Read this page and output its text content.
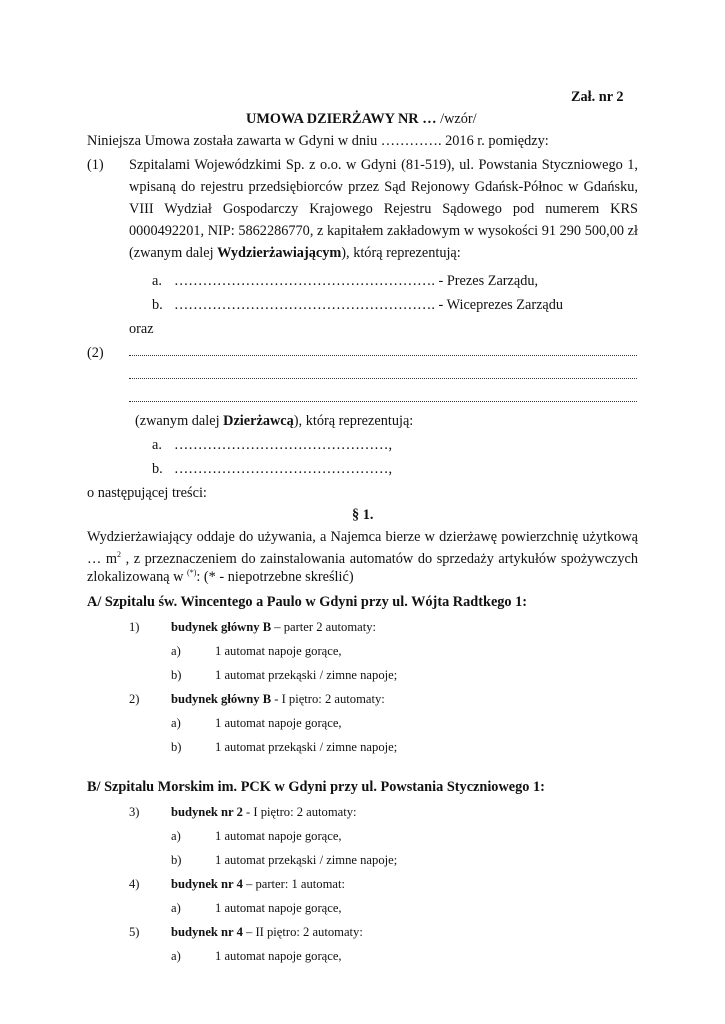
Zał. nr 2
UMOWA DZIERŻAWY NR … /wzór/
Niniejsza Umowa została zawarta w Gdyni w dniu …………. 2016 r. pomiędzy:
(1) Szpitalami Wojewódzkimi Sp. z o.o. w Gdyni (81-519), ul. Powstania Styczniowego 1,
wpisaną do rejestru przedsiębiorców przez Sąd Rejonowy Gdańsk-Północ w Gdańsku,
VIII Wydział Gospodarczy Krajowego Rejestru Sądowego pod numerem KRS
0000492201, NIP: 5862286770, z kapitałem zakładowym w wysokości 91 290 500,00 zł
(zwanym dalej Wydzierżawiającym), którą reprezentują:
a. ………………………………………………. - Prezes Zarządu,
b. ………………………………………………. - Wiceprezes Zarządu
oraz
(2)
(zwanym dalej Dzierżawcą), którą reprezentują:
a. ………………………………………,
b. ………………………………………,
o następującej treści:
§ 1.
Wydzierżawiający oddaje do używania, a Najemca bierze w dzierżawę powierzchnię użytkową
… $m^2$ , z przeznaczeniem do zainstalowania automatów do sprzedaży artykułów spożywczych
zlokalizowaną w (*): (* - niepotrzebne skreślić)
A/ Szpitalu św. Wincentego a Paulo w Gdyni przy ul. Wójta Radtkego 1:
1)	budynek główny B – parter 2 automaty:
a)	1 automat napoje gorące,
b)	1 automat przekąski / zimne napoje;
2)	budynek główny B - I piętro: 2 automaty:
a)	1 automat napoje gorące,
b)	1 automat przekąski / zimne napoje;
B/ Szpitalu Morskim im. PCK w Gdyni przy ul. Powstania Styczniowego 1:
3)	budynek nr 2 - I piętro: 2 automaty:
a)	1 automat napoje gorące,
b)	1 automat przekąski / zimne napoje;
4)	budynek nr 4 – parter: 1 automat:
a)	1 automat napoje gorące,
5)	budynek nr 4 – II piętro: 2 automaty:
a)	1 automat napoje gorące,
